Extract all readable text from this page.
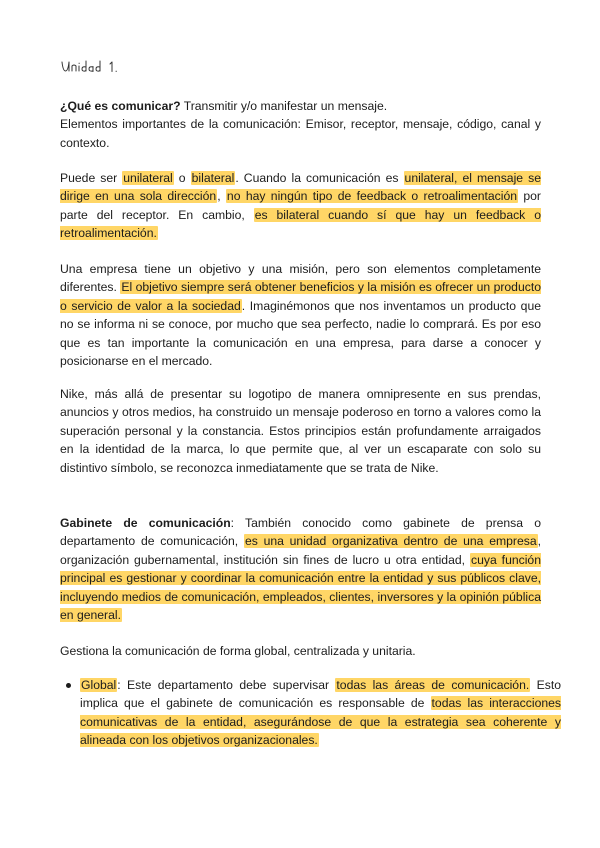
¿Qué es comunicar? Transmitir y/o manifestar un mensaje.
Elementos importantes de la comunicación: Emisor, receptor, mensaje, código, canal y contexto.

Puede ser unilateral o bilateral. Cuando la comunicación es unilateral, el mensaje se dirige en una sola dirección, no hay ningún tipo de feedback o retroalimentación por parte del receptor. En cambio, es bilateral cuando sí que hay un feedback o retroalimentación.

Una empresa tiene un objetivo y una misión, pero son elementos completamente diferentes. El objetivo siempre será obtener beneficios y la misión es ofrecer un producto o servicio de valor a la sociedad. Imaginémonos que nos inventamos un producto que no se informa ni se conoce, por mucho que sea perfecto, nadie lo comprará. Es por eso que es tan importante la comunicación en una empresa, para darse a conocer y posicionarse en el mercado.

Nike, más allá de presentar su logotipo de manera omnipresente en sus prendas, anuncios y otros medios, ha construido un mensaje poderoso en torno a valores como la superación personal y la constancia. Estos principios están profundamente arraigados en la identidad de la marca, lo que permite que, al ver un escaparate con solo su distintivo símbolo, se reconozca inmediatamente que se trata de Nike.

Gabinete de comunicación: También conocido como gabinete de prensa o departamento de comunicación, es una unidad organizativa dentro de una empresa, organización gubernamental, institución sin fines de lucro u otra entidad, cuya función principal es gestionar y coordinar la comunicación entre la entidad y sus públicos clave, incluyendo medios de comunicación, empleados, clientes, inversores y la opinión pública en general.

Gestiona la comunicación de forma global, centralizada y unitaria.

Global: Este departamento debe supervisar todas las áreas de comunicación. Esto implica que el gabinete de comunicación es responsable de todas las interacciones comunicativas de la entidad, asegurándose de que la estrategia sea coherente y alineada con los objetivos organizacionales.
